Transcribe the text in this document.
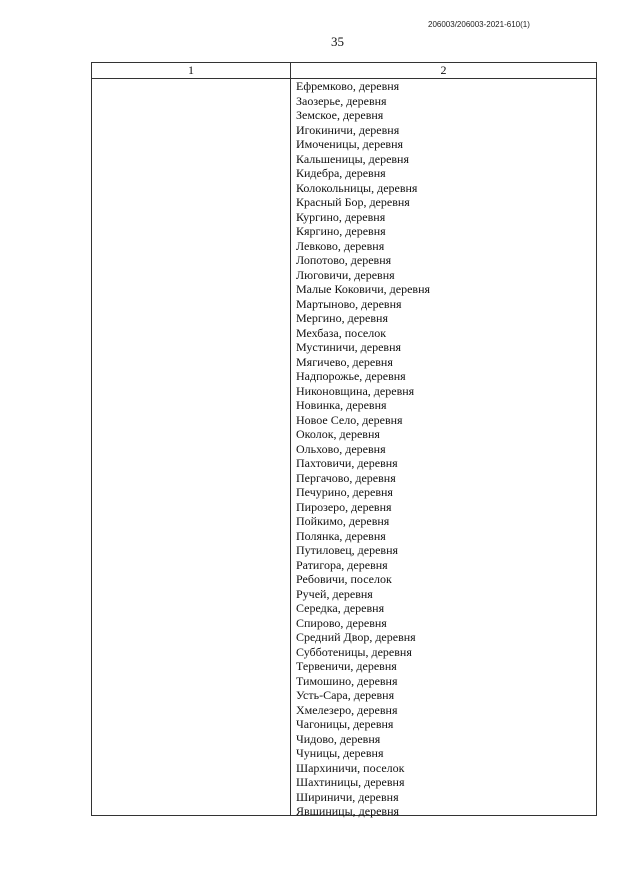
206003/206003-2021-610(1)
35
1	2
Ефремково, деревня
Заозерье, деревня
Земское, деревня
Игокиничи, деревня
Имоченицы, деревня
Кальшеницы, деревня
Кидебра, деревня
Колокольницы, деревня
Красный Бор, деревня
Кургино, деревня
Кяргино, деревня
Левково, деревня
Лопотово, деревня
Люговичи, деревня
Малые Коковичи, деревня
Мартыново, деревня
Мергино, деревня
Мехбаза, поселок
Мустиничи, деревня
Мягичево, деревня
Надпорожье, деревня
Никоновщина, деревня
Новинка, деревня
Новое Село, деревня
Околок, деревня
Ольхово, деревня
Пахтовичи, деревня
Пергачово, деревня
Печурино, деревня
Пирозеро, деревня
Пойкимо, деревня
Полянка, деревня
Путиловец, деревня
Ратигора, деревня
Ребовичи, поселок
Ручей, деревня
Середка, деревня
Спирово, деревня
Средний Двор, деревня
Субботеницы, деревня
Тервеничи, деревня
Тимошино, деревня
Усть-Сара, деревня
Хмелезеро, деревня
Чагоницы, деревня
Чидово, деревня
Чуницы, деревня
Шархиничи, поселок
Шахтиницы, деревня
Шириничи, деревня
Явшиницы, деревня
